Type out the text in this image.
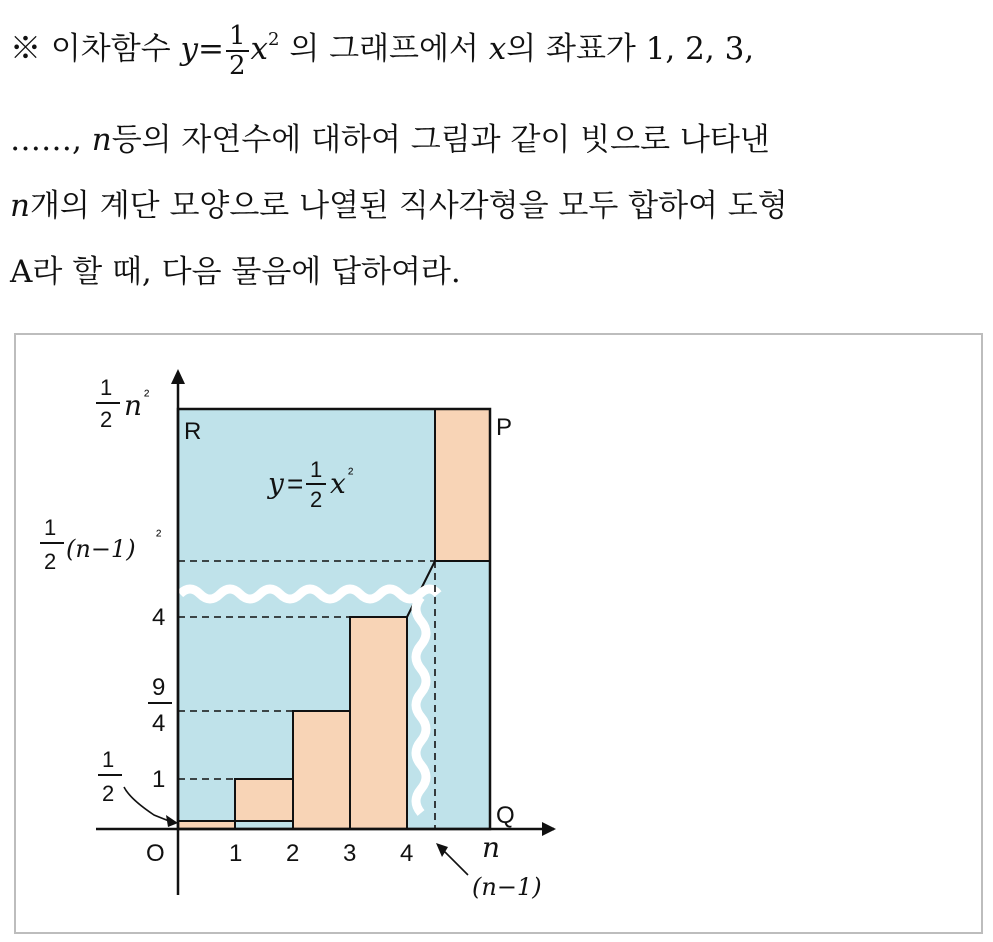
※ 이차함수 $y= \frac{1}{2} x^2$ 의 그래프에서 x의 좌표가 1, 2, 3,
……, n등의 자연수에 대하여 그림과 같이 빗으로 나타낸
n개의 계단 모양으로 나열된 직사각형을 모두 합하여 도형
A라 할 때, 다음 물음에 답하여라.
R	P
Q
O
y = 1
2 x ²
1
2 n ²
1
2 (n−1) ²
4
9
4
1
1
2
1 2 3 4 n
(n−1)
